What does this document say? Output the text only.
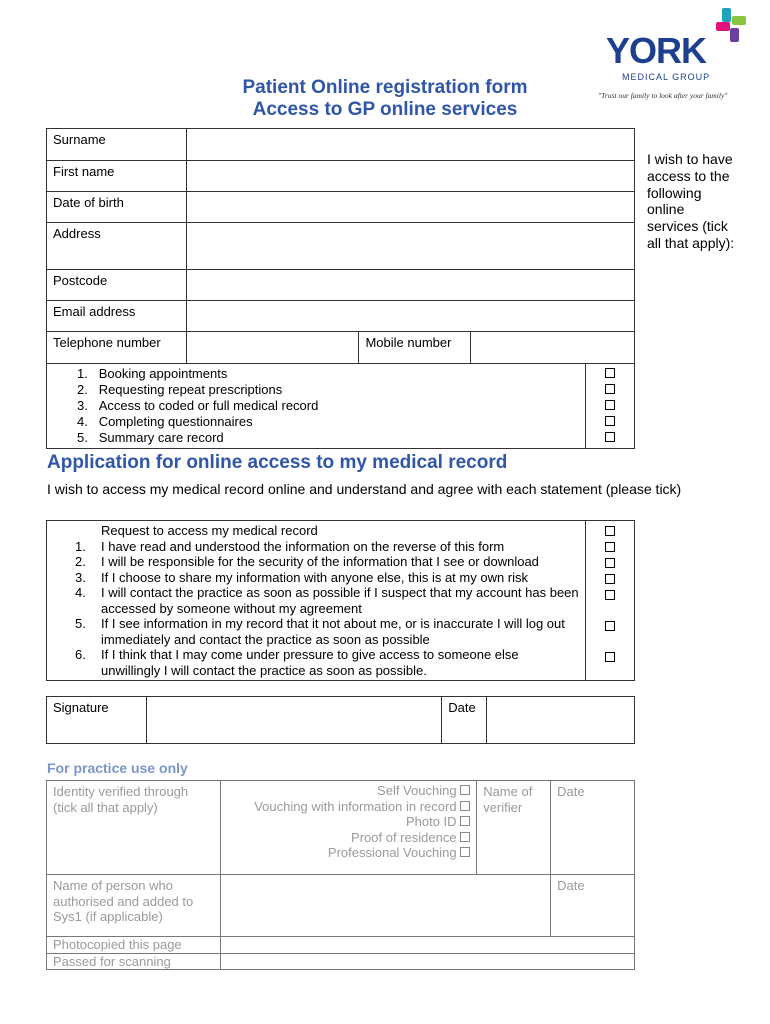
YORK
MEDICAL GROUP
"Trust our family to look after your family"
Patient Online registration form
Access to GP online services
Surname			
First name			
Date of birth			
Address			
Postcode			
Email address			
Telephone number		Mobile number	
I wish to have access to the following online services (tick all that apply):
1.   Booking appointments
2.   Requesting repeat prescriptions
3.   Access to coded or full medical record
4.   Completing questionnaires
5.   Summary care record

Application for online access to my medical record
I wish to access my medical record online and understand and agree with each statement (please tick)
Request to access my medical record
1.	I have read and understood the information on the reverse of this form
2.	I will be responsible for the security of the information that I see or download
3.	If I choose to share my information with anyone else, this is at my own risk
4.	I will contact the practice as soon as possible if I suspect that my account has been accessed by someone without my agreement
5.	If I see information in my record that it not about me, or is inaccurate I will log out immediately and contact the practice as soon as possible
6.	If I think that I may come under pressure to give access to someone else unwillingly I will contact the practice as soon as possible.

Signature		Date	
For practice use only
Identity verified through (tick all that apply)	Self Vouching
Vouching with information in record
Photo ID
Proof of residence
Professional Vouching	Name of verifier	Date
Name of person who authorised and added to Sys1 (if applicable)			Date
Photocopied this page			
Passed for scanning			
